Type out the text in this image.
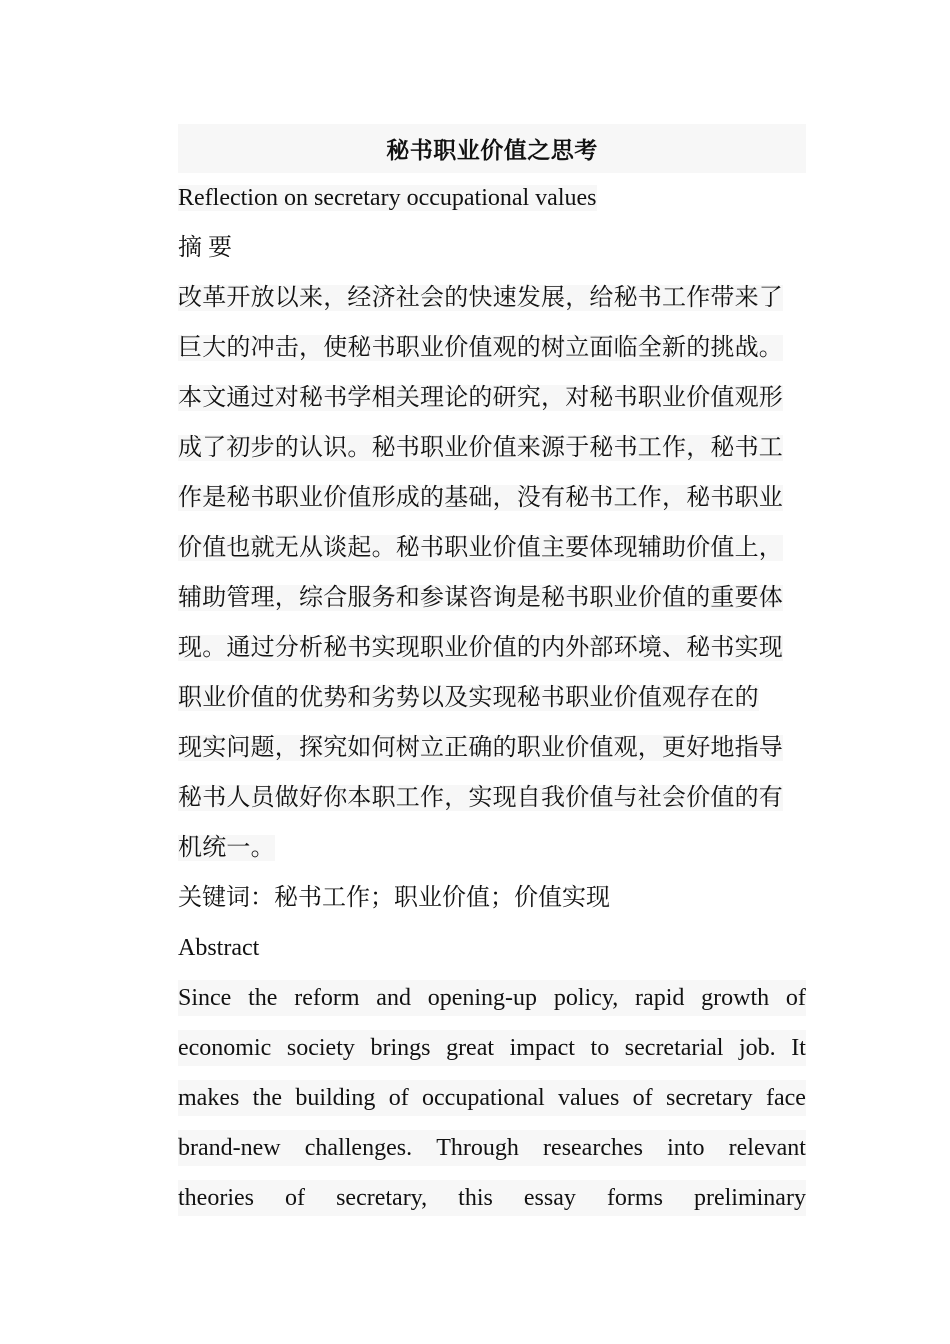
秘书职业价值之思考
Reflection on secretary occupational values
摘 要
改革开放以来，经济社会的快速发展，给秘书工作带来了
巨大的冲击，使秘书职业价值观的树立面临全新的挑战。
本文通过对秘书学相关理论的研究，对秘书职业价值观形
成了初步的认识。秘书职业价值来源于秘书工作，秘书工
作是秘书职业价值形成的基础，没有秘书工作，秘书职业
价值也就无从谈起。秘书职业价值主要体现辅助价值上，
辅助管理，综合服务和参谋咨询是秘书职业价值的重要体
现。通过分析秘书实现职业价值的内外部环境、秘书实现
职业价值的优势和劣势以及实现秘书职业价值观存在的
现实问题，探究如何树立正确的职业价值观，更好地指导
秘书人员做好你本职工作，实现自我价值与社会价值的有
机统一。
关键词：秘书工作；职业价值；价值实现
Abstract
Since the reform and opening-up policy, rapid growth of
economic society brings great impact to secretarial job. It
makes the building of occupational values of secretary face
brand-new challenges. Through researches into relevant
theories of secretary, this essay forms preliminary
